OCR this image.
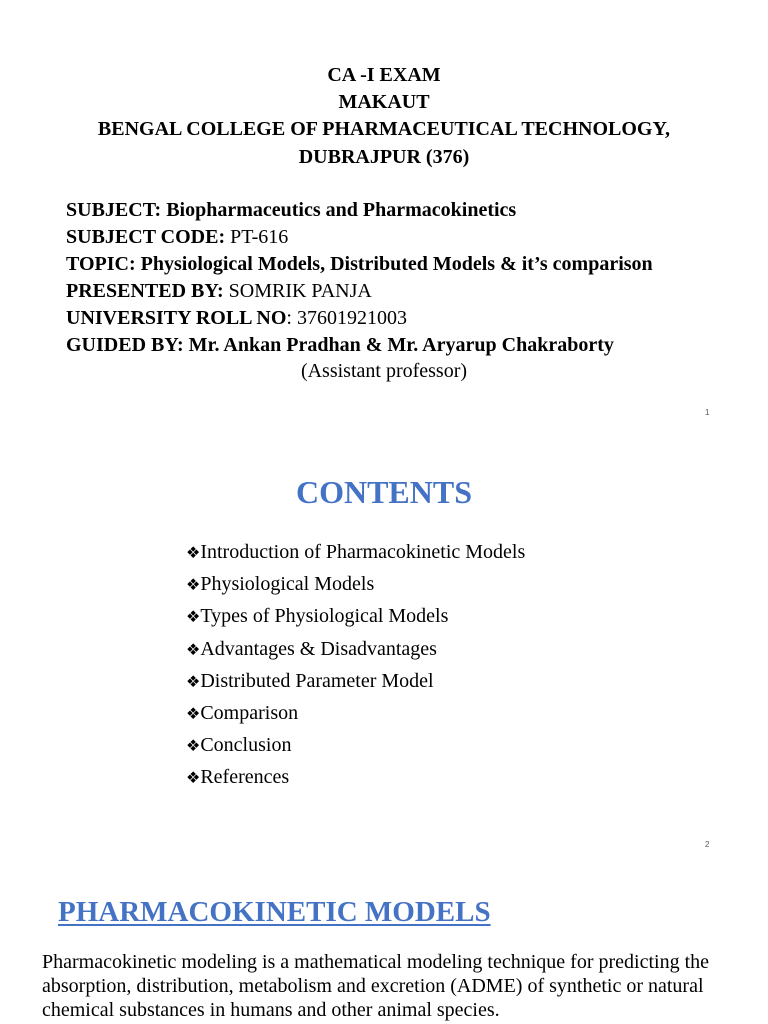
CA -I EXAM
MAKAUT
BENGAL COLLEGE OF PHARMACEUTICAL TECHNOLOGY,
DUBRAJPUR (376)
SUBJECT: Biopharmaceutics and Pharmacokinetics
SUBJECT CODE: PT-616
TOPIC: Physiological Models, Distributed Models & it’s comparison
PRESENTED BY: SOMRIK PANJA
UNIVERSITY ROLL NO: 37601921003
GUIDED BY: Mr. Ankan Pradhan & Mr. Aryarup Chakraborty
(Assistant professor)
1
CONTENTS
❖Introduction of Pharmacokinetic Models
❖Physiological Models
❖Types of Physiological Models
❖Advantages & Disadvantages
❖Distributed Parameter Model
❖Comparison
❖Conclusion
❖References
2
PHARMACOKINETIC MODELS
Pharmacokinetic modeling is a mathematical modeling technique for predicting the absorption, distribution, metabolism and excretion (ADME) of synthetic or natural chemical substances in humans and other animal species.
